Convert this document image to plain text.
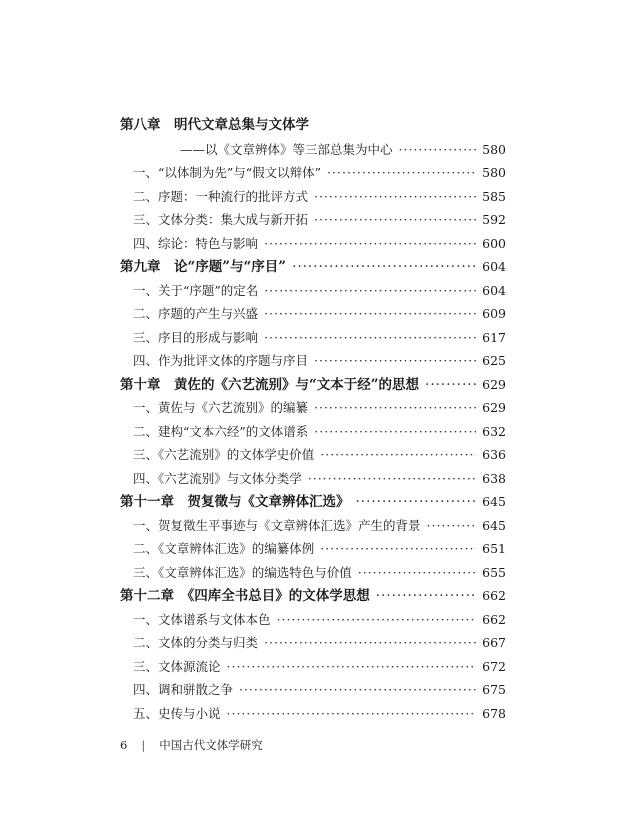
第八章　明代文章总集与文体学
——以《文章辨体》等三部总集为中心 ·····	580
一、“以体制为先”与“假文以辩体” ·····	580
二、序题：一种流行的批评方式 ·····	585
三、文体分类：集大成与新开拓 ·····	592
四、综论：特色与影响 ·····	600
第九章　论“序题”与“序目” ·····	604
一、关于“序题”的定名 ·····	604
二、序题的产生与兴盛 ·····	609
三、序目的形成与影响 ·····	617
四、作为批评文体的序题与序目 ·····	625
第十章　黄佐的《六艺流别》与“文本于经”的思想 ·····	629
一、黄佐与《六艺流别》的编纂 ·····	629
二、建构“文本六经”的文体谱系 ·····	632
三、《六艺流别》的文体学史价值 ·····	636
四、《六艺流别》与文体分类学 ·····	638
第十一章　贺复徵与《文章辨体汇选》 ·····	645
一、贺复徵生平事迹与《文章辨体汇选》产生的背景 ·····	645
二、《文章辨体汇选》的编纂体例 ·····	651
三、《文章辨体汇选》的编选特色与价值 ·····	655
第十二章　《四库全书总目》的文体学思想 ·····	662
一、文体谱系与文体本色 ·····	662
二、文体的分类与归类 ·····	667
三、文体源流论 ·····	672
四、调和骈散之争 ·····	675
五、史传与小说 ·····	678
6 | 中国古代文体学研究
